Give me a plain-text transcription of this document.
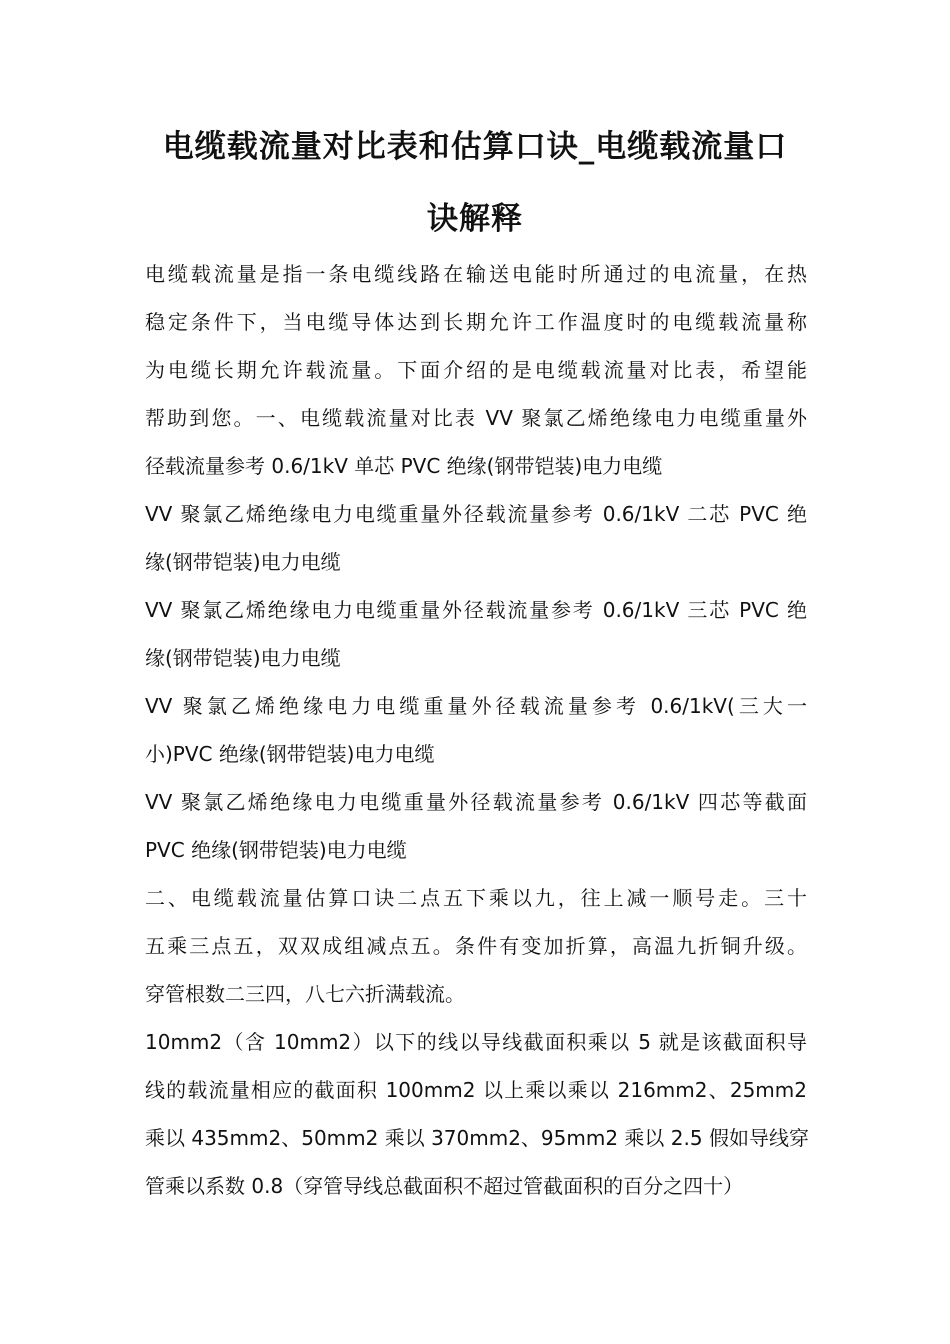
电缆载流量对比表和估算口诀_电缆载流量口
诀解释

电缆载流量是指一条电缆线路在输送电能时所通过的电流量，在热
稳定条件下，当电缆导体达到长期允许工作温度时的电缆载流量称
为电缆长期允许载流量。下面介绍的是电缆载流量对比表，希望能
帮助到您。一、电缆载流量对比表 VV 聚氯乙烯绝缘电力电缆重量外
径载流量参考 0.6/1kV 单芯 PVC 绝缘(钢带铠装)电力电缆

VV 聚氯乙烯绝缘电力电缆重量外径载流量参考 0.6/1kV 二芯 PVC 绝
缘(钢带铠装)电力电缆

VV 聚氯乙烯绝缘电力电缆重量外径载流量参考 0.6/1kV 三芯 PVC 绝
缘(钢带铠装)电力电缆

VV 聚氯乙烯绝缘电力电缆重量外径载流量参考 0.6/1kV(三大一
小)PVC 绝缘(钢带铠装)电力电缆

VV 聚氯乙烯绝缘电力电缆重量外径载流量参考 0.6/1kV 四芯等截面
PVC 绝缘(钢带铠装)电力电缆

二、电缆载流量估算口诀二点五下乘以九，往上减一顺号走。三十
五乘三点五，双双成组减点五。条件有变加折算，高温九折铜升级。
穿管根数二三四，八七六折满载流。

10mm2（含 10mm2）以下的线以导线截面积乘以 5 就是该截面积导
线的载流量相应的截面积 100mm2 以上乘以乘以 216mm2、25mm2
乘以 435mm2、50mm2 乘以 370mm2、95mm2 乘以 2.5 假如导线穿
管乘以系数 0.8（穿管导线总截面积不超过管截面积的百分之四十）
